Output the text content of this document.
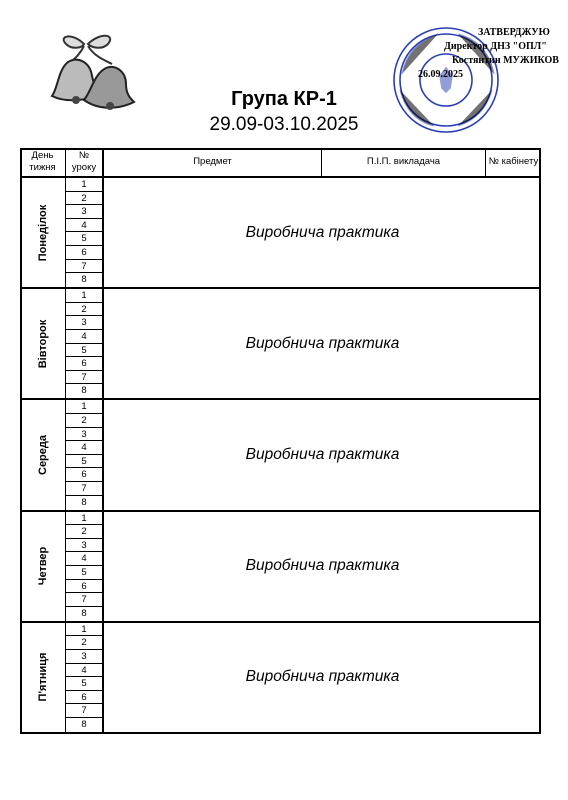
ЗАТВЕРДЖУЮ
Директор ДНЗ "ОПЛ"
Костянтин МУЖИКОВ
26.09.2025
Група КР-1
29.09-03.10.2025
День тижня
№ уроку
Предмет	П.І.П. викладача	№ кабінету
Понеділок
1
2
3
4
5
6
7
8
Виробнича практика
Вівторок
1
2
3
4
5
6
7
8
Виробнича практика
Середа
1
2
3
4
5
6
7
8
Виробнича практика
Четвер
1
2
3
4
5
6
7
8
Виробнича практика
П'ятниця
1
2
3
4
5
6
7
8
Виробнича практика
